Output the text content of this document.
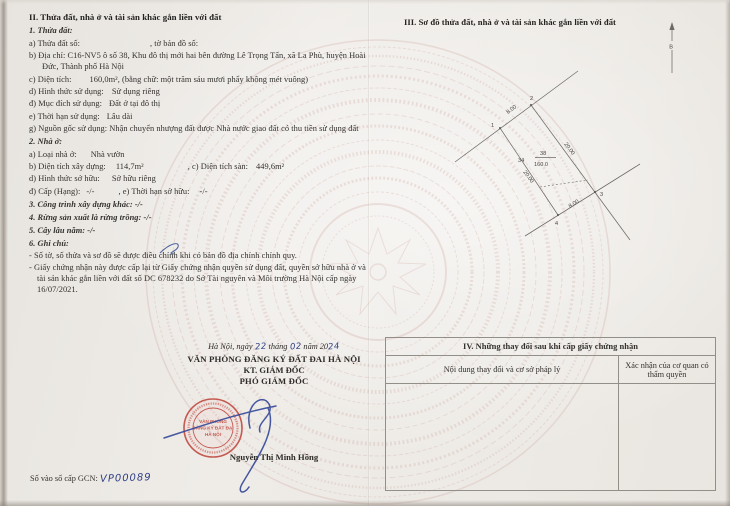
II. Thửa đất, nhà ở và tài sản khác gắn liền với đất

1. Thửa đất:

a) Thửa đất số:	, tờ bản đồ số:

b) Địa chỉ: C16-NV5 ô số 38, Khu đô thị mới hai bên đường Lê Trọng Tấn, xã La Phù, huyện Hoài Đức, Thành phố Hà Nội

c) Diện tích: 160,0m², (bằng chữ: một trăm sáu mươi phẩy không mét vuông)

d) Hình thức sử dụng: Sử dụng riêng

đ) Mục đích sử dụng: Đất ở tại đô thị

e) Thời hạn sử dụng: Lâu dài

g) Nguồn gốc sử dụng: Nhận chuyển nhượng đất được Nhà nước giao đất có thu tiền sử dụng đất

2. Nhà ở:

a) Loại nhà ở: Nhà vườn

b) Diện tích xây dựng: 114,7m²	, c) Diện tích sàn: 449,6m²

d) Hình thức sở hữu: Sở hữu riêng

đ) Cấp (Hạng): -/-	, e) Thời hạn sở hữu: -/-

3. Công trình xây dựng khác: -/-

4. Rừng sản xuất là rừng trồng: -/-

5. Cây lâu năm: -/-

6. Ghi chú:

- Số tờ, số thửa và sơ đồ sẽ được điều chỉnh khi có bản đồ địa chính chính quy.

- Giấy chứng nhận này được cấp lại từ Giấy chứng nhận quyền sử dụng đất, quyền sở hữu nhà ở và tài sản khác gắn liền với đất số DC 678232 do Sở Tài nguyên và Môi trường Hà Nội cấp ngày 16/07/2021.

III. Sơ đồ thửa đất, nhà ở và tài sản khác gắn liền với đất
B
1
2
3
4
8.00
20.00
20.00
8.00
34
38
160.0
IV. Những thay đổi sau khi cấp giấy chứng nhận
Nội dung thay đổi và cơ sở pháp lý	Xác nhận của cơ quan có thẩm quyền
Hà Nội, ngày 22 tháng 02 năm 2024
VĂN PHÒNG ĐĂNG KÝ ĐẤT ĐAI HÀ NỘI
KT. GIÁM ĐỐC
PHÓ GIÁM ĐỐC
VĂN PHÒNG
ĐĂNG KÝ ĐẤT ĐAI
HÀ NỘI
Nguyễn Thị Minh Hồng
Số vào sổ cấp GCN: VP00089
